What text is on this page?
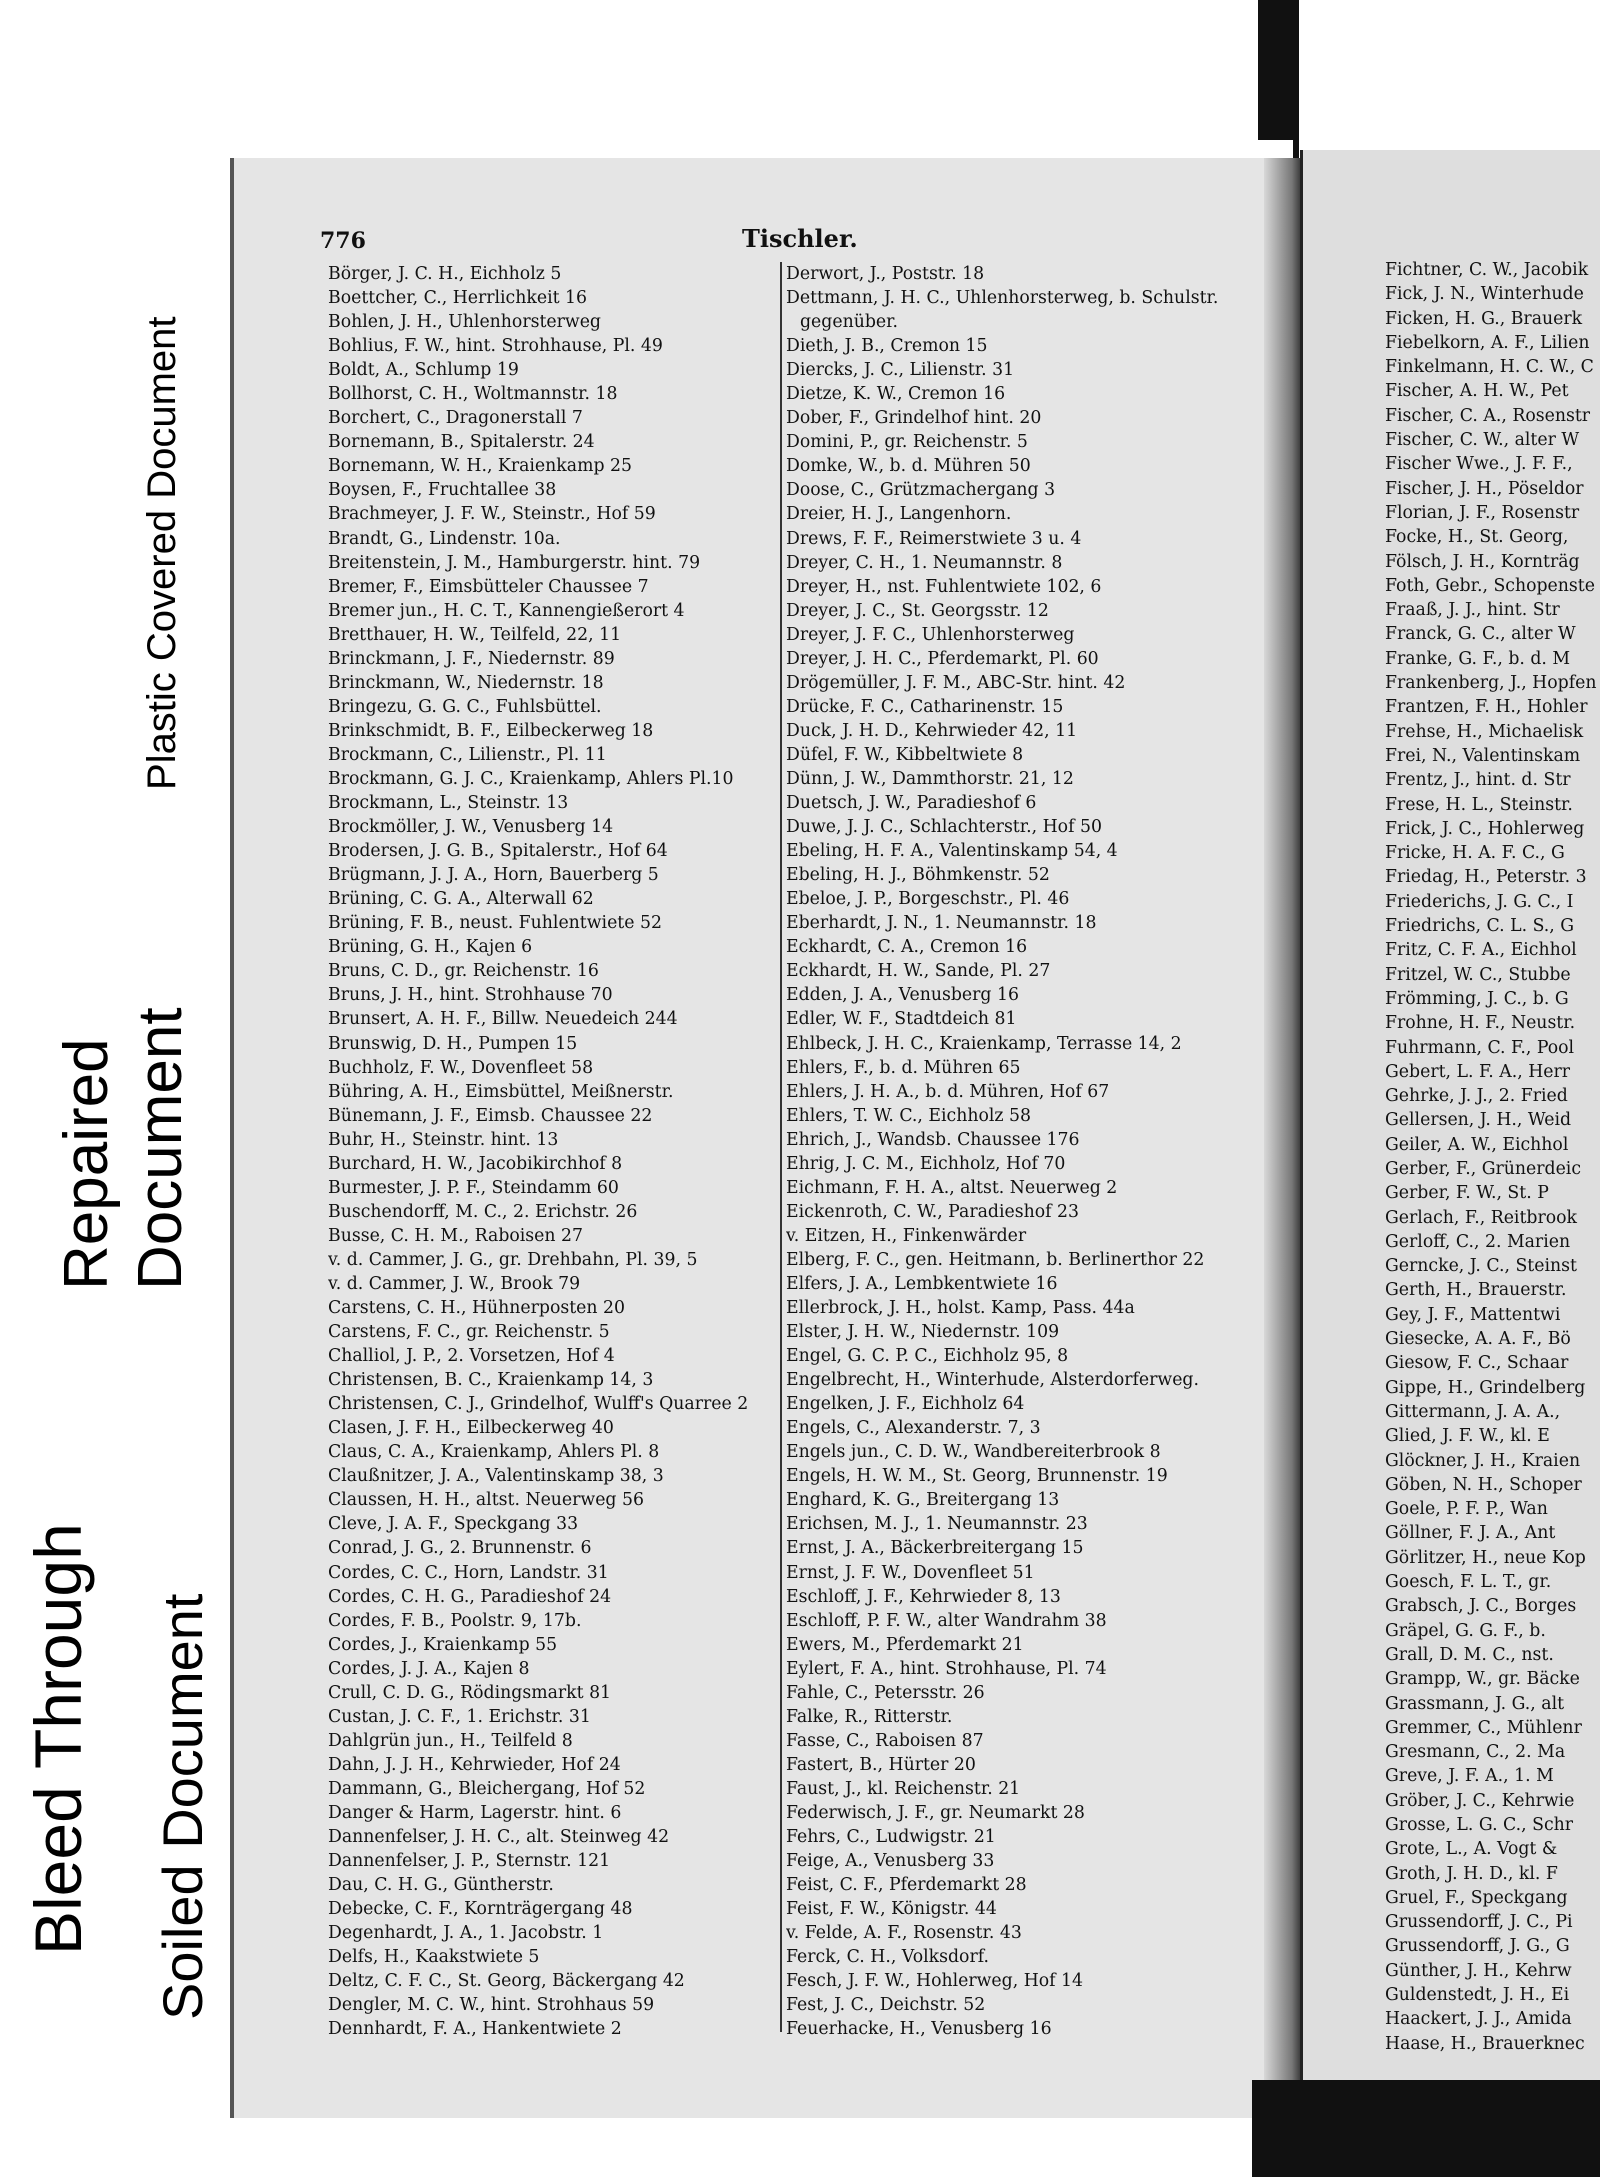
Plastic Covered Document
Repaired
Document
Bleed Through Soiled Document
776	Tischler.
Börger, J. C. H., Eichholz 5
Boettcher, C., Herrlichkeit 16
Bohlen, J. H., Uhlenhorsterweg
Bohlius, F. W., hint. Strohhause, Pl. 49
Boldt, A., Schlump 19
Bollhorst, C. H., Woltmannstr. 18
Borchert, C., Dragonerstall 7
Bornemann, B., Spitalerstr. 24
Bornemann, W. H., Kraienkamp 25
Boysen, F., Fruchtallee 38
Brachmeyer, J. F. W., Steinstr., Hof 59
Brandt, G., Lindenstr. 10a.
Breitenstein, J. M., Hamburgerstr. hint. 79
Bremer, F., Eimsbütteler Chaussee 7
Bremer jun., H. C. T., Kannengießerort 4
Bretthauer, H. W., Teilfeld, 22, 11
Brinckmann, J. F., Niedernstr. 89
Brinckmann, W., Niedernstr. 18
Bringezu, G. G. C., Fuhlsbüttel.
Brinkschmidt, B. F., Eilbeckerweg 18
Brockmann, C., Lilienstr., Pl. 11
Brockmann, G. J. C., Kraienkamp, Ahlers Pl.10
Brockmann, L., Steinstr. 13
Brockmöller, J. W., Venusberg 14
Brodersen, J. G. B., Spitalerstr., Hof 64
Brügmann, J. J. A., Horn, Bauerberg 5
Brüning, C. G. A., Alterwall 62
Brüning, F. B., neust. Fuhlentwiete 52
Brüning, G. H., Kajen 6
Bruns, C. D., gr. Reichenstr. 16
Bruns, J. H., hint. Strohhause 70
Brunsert, A. H. F., Billw. Neuedeich 244
Brunswig, D. H., Pumpen 15
Buchholz, F. W., Dovenfleet 58
Bühring, A. H., Eimsbüttel, Meißnerstr.
Bünemann, J. F., Eimsb. Chaussee 22
Buhr, H., Steinstr. hint. 13
Burchard, H. W., Jacobikirchhof 8
Burmester, J. P. F., Steindamm 60
Buschendorff, M. C., 2. Erichstr. 26
Busse, C. H. M., Raboisen 27
v. d. Cammer, J. G., gr. Drehbahn, Pl. 39, 5
v. d. Cammer, J. W., Brook 79
Carstens, C. H., Hühnerposten 20
Carstens, F. C., gr. Reichenstr. 5
Challiol, J. P., 2. Vorsetzen, Hof 4
Christensen, B. C., Kraienkamp 14, 3
Christensen, C. J., Grindelhof, Wulff's Quarree 2
Clasen, J. F. H., Eilbeckerweg 40
Claus, C. A., Kraienkamp, Ahlers Pl. 8
Claußnitzer, J. A., Valentinskamp 38, 3
Claussen, H. H., altst. Neuerweg 56
Cleve, J. A. F., Speckgang 33
Conrad, J. G., 2. Brunnenstr. 6
Cordes, C. C., Horn, Landstr. 31
Cordes, C. H. G., Paradieshof 24
Cordes, F. B., Poolstr. 9, 17b.
Cordes, J., Kraienkamp 55
Cordes, J. J. A., Kajen 8
Crull, C. D. G., Rödingsmarkt 81
Custan, J. C. F., 1. Erichstr. 31
Dahlgrün jun., H., Teilfeld 8
Dahn, J. J. H., Kehrwieder, Hof 24
Dammann, G., Bleichergang, Hof 52
Danger & Harm, Lagerstr. hint. 6
Dannenfelser, J. H. C., alt. Steinweg 42
Dannenfelser, J. P., Sternstr. 121
Dau, C. H. G., Güntherstr.
Debecke, C. F., Kornträgergang 48
Degenhardt, J. A., 1. Jacobstr. 1
Delfs, H., Kaakstwiete 5
Deltz, C. F. C., St. Georg, Bäckergang 42
Dengler, M. C. W., hint. Strohhaus 59
Dennhardt, F. A., Hankentwiete 2
Derwort, J., Poststr. 18
Dettmann, J. H. C., Uhlenhorsterweg, b. Schulstr.
gegenüber.
Dieth, J. B., Cremon 15
Diercks, J. C., Lilienstr. 31
Dietze, K. W., Cremon 16
Dober, F., Grindelhof hint. 20
Domini, P., gr. Reichenstr. 5
Domke, W., b. d. Mühren 50
Doose, C., Grützmachergang 3
Dreier, H. J., Langenhorn.
Drews, F. F., Reimerstwiete 3 u. 4
Dreyer, C. H., 1. Neumannstr. 8
Dreyer, H., nst. Fuhlentwiete 102, 6
Dreyer, J. C., St. Georgsstr. 12
Dreyer, J. F. C., Uhlenhorsterweg
Dreyer, J. H. C., Pferdemarkt, Pl. 60
Drögemüller, J. F. M., ABC-Str. hint. 42
Drücke, F. C., Catharinenstr. 15
Duck, J. H. D., Kehrwieder 42, 11
Düfel, F. W., Kibbeltwiete 8
Dünn, J. W., Dammthorstr. 21, 12
Duetsch, J. W., Paradieshof 6
Duwe, J. J. C., Schlachterstr., Hof 50
Ebeling, H. F. A., Valentinskamp 54, 4
Ebeling, H. J., Böhmkenstr. 52
Ebeloe, J. P., Borgeschstr., Pl. 46
Eberhardt, J. N., 1. Neumannstr. 18
Eckhardt, C. A., Cremon 16
Eckhardt, H. W., Sande, Pl. 27
Edden, J. A., Venusberg 16
Edler, W. F., Stadtdeich 81
Ehlbeck, J. H. C., Kraienkamp, Terrasse 14, 2
Ehlers, F., b. d. Mühren 65
Ehlers, J. H. A., b. d. Mühren, Hof 67
Ehlers, T. W. C., Eichholz 58
Ehrich, J., Wandsb. Chaussee 176
Ehrig, J. C. M., Eichholz, Hof 70
Eichmann, F. H. A., altst. Neuerweg 2
Eickenroth, C. W., Paradieshof 23
v. Eitzen, H., Finkenwärder
Elberg, F. C., gen. Heitmann, b. Berlinerthor 22
Elfers, J. A., Lembkentwiete 16
Ellerbrock, J. H., holst. Kamp, Pass. 44a
Elster, J. H. W., Niedernstr. 109
Engel, G. C. P. C., Eichholz 95, 8
Engelbrecht, H., Winterhude, Alsterdorferweg.
Engelken, J. F., Eichholz 64
Engels, C., Alexanderstr. 7, 3
Engels jun., C. D. W., Wandbereiterbrook 8
Engels, H. W. M., St. Georg, Brunnenstr. 19
Enghard, K. G., Breitergang 13
Erichsen, M. J., 1. Neumannstr. 23
Ernst, J. A., Bäckerbreitergang 15
Ernst, J. F. W., Dovenfleet 51
Eschloff, J. F., Kehrwieder 8, 13
Eschloff, P. F. W., alter Wandrahm 38
Ewers, M., Pferdemarkt 21
Eylert, F. A., hint. Strohhause, Pl. 74
Fahle, C., Petersstr. 26
Falke, R., Ritterstr.
Fasse, C., Raboisen 87
Fastert, B., Hürter 20
Faust, J., kl. Reichenstr. 21
Federwisch, J. F., gr. Neumarkt 28
Fehrs, C., Ludwigstr. 21
Feige, A., Venusberg 33
Feist, C. F., Pferdemarkt 28
Feist, F. W., Königstr. 44
v. Felde, A. F., Rosenstr. 43
Ferck, C. H., Volksdorf.
Fesch, J. F. W., Hohlerweg, Hof 14
Fest, J. C., Deichstr. 52
Feuerhacke, H., Venusberg 16
Fichtner, C. W., Jacobik
Fick, J. N., Winterhude
Ficken, H. G., Brauerk
Fiebelkorn, A. F., Lilien
Finkelmann, H. C. W., C
Fischer, A. H. W., Pet
Fischer, C. A., Rosenstr
Fischer, C. W., alter W
Fischer Wwe., J. F. F.,
Fischer, J. H., Pöseldor
Florian, J. F., Rosenstr
Focke, H., St. Georg,
Fölsch, J. H., Kornträg
Foth, Gebr., Schopenste
Fraaß, J. J., hint. Str
Franck, G. C., alter W
Franke, G. F., b. d. M
Frankenberg, J., Hopfen
Frantzen, F. H., Hohler
Frehse, H., Michaelisk
Frei, N., Valentinskam
Frentz, J., hint. d. Str
Frese, H. L., Steinstr.
Frick, J. C., Hohlerweg
Fricke, H. A. F. C., G
Friedag, H., Peterstr. 3
Friederichs, J. G. C., I
Friedrichs, C. L. S., G
Fritz, C. F. A., Eichhol
Fritzel, W. C., Stubbe
Frömming, J. C., b. G
Frohne, H. F., Neustr.
Fuhrmann, C. F., Pool
Gebert, L. F. A., Herr
Gehrke, J. J., 2. Fried
Gellersen, J. H., Weid
Geiler, A. W., Eichhol
Gerber, F., Grünerdeic
Gerber, F. W., St. P
Gerlach, F., Reitbrook
Gerloff, C., 2. Marien
Gerncke, J. C., Steinst
Gerth, H., Brauerstr.
Gey, J. F., Mattentwi
Giesecke, A. A. F., Bö
Giesow, F. C., Schaar
Gippe, H., Grindelberg
Gittermann, J. A. A.,
Glied, J. F. W., kl. E
Glöckner, J. H., Kraien
Göben, N. H., Schoper
Goele, P. F. P., Wan
Göllner, F. J. A., Ant
Görlitzer, H., neue Kop
Goesch, F. L. T., gr.
Grabsch, J. C., Borges
Gräpel, G. G. F., b.
Grall, D. M. C., nst.
Grampp, W., gr. Bäcke
Grassmann, J. G., alt
Gremmer, C., Mühlenr
Gresmann, C., 2. Ma
Greve, J. F. A., 1. M
Gröber, J. C., Kehrwie
Grosse, L. G. C., Schr
Grote, L., A. Vogt &
Groth, J. H. D., kl. F
Gruel, F., Speckgang
Grussendorff, J. C., Pi
Grussendorff, J. G., G
Günther, J. H., Kehrw
Guldenstedt, J. H., Ei
Haackert, J. J., Amida
Haase, H., Brauerknec
